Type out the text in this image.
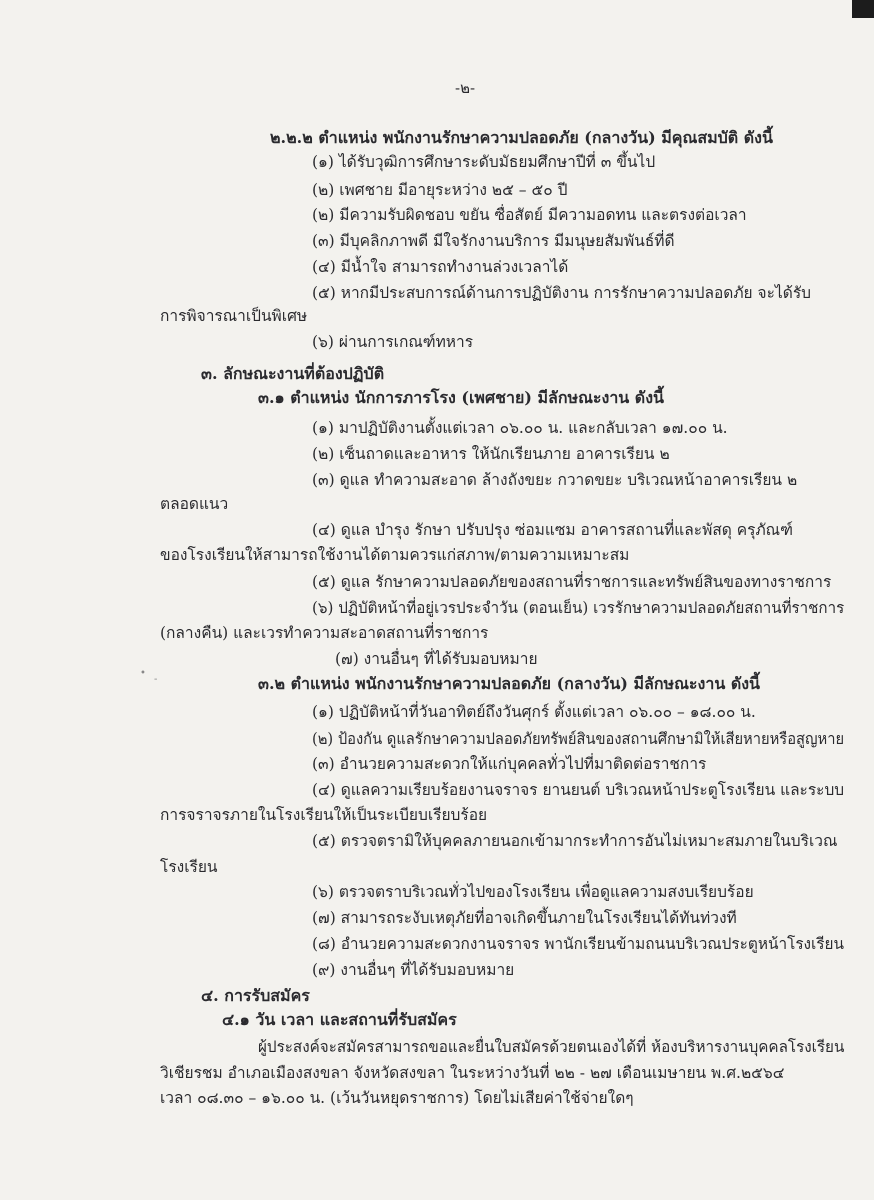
-๒-
๒.๒.๒ ตำแหน่ง พนักงานรักษาความปลอดภัย (กลางวัน) มีคุณสมบัติ ดังนี้
(๑) ได้รับวุฒิการศึกษาระดับมัธยมศึกษาปีที่ ๓ ขึ้นไป
(๒) เพศชาย มีอายุระหว่าง ๒๕ – ๕๐ ปี
(๒) มีความรับผิดชอบ ขยัน ซื่อสัตย์ มีความอดทน และตรงต่อเวลา
(๓) มีบุคลิกภาพดี มีใจรักงานบริการ มีมนุษยสัมพันธ์ที่ดี
(๔) มีน้ำใจ สามารถทำงานล่วงเวลาได้
(๕) หากมีประสบการณ์ด้านการปฏิบัติงาน การรักษาความปลอดภัย จะได้รับ
การพิจารณาเป็นพิเศษ
(๖) ผ่านการเกณฑ์ทหาร
๓. ลักษณะงานที่ต้องปฏิบัติ
๓.๑ ตำแหน่ง นักการภารโรง (เพศชาย) มีลักษณะงาน ดังนี้
(๑) มาปฏิบัติงานตั้งแต่เวลา ๐๖.๐๐ น. และกลับเวลา ๑๗.๐๐ น.
(๒) เซ็นถาดและอาหาร ให้นักเรียนภาย อาคารเรียน ๒
(๓) ดูแล ทำความสะอาด ล้างถังขยะ กวาดขยะ บริเวณหน้าอาคารเรียน ๒
ตลอดแนว
(๔) ดูแล บำรุง รักษา ปรับปรุง ซ่อมแซม อาคารสถานที่และพัสดุ ครุภัณฑ์
ของโรงเรียนให้สามารถใช้งานได้ตามควรแก่สภาพ/ตามความเหมาะสม
(๕) ดูแล รักษาความปลอดภัยของสถานที่ราชการและทรัพย์สินของทางราชการ
(๖) ปฏิบัติหน้าที่อยู่เวรประจำวัน (ตอนเย็น) เวรรักษาความปลอดภัยสถานที่ราชการ
(กลางคืน) และเวรทำความสะอาดสถานที่ราชการ
(๗) งานอื่นๆ ที่ได้รับมอบหมาย
•
-	๓.๒ ตำแหน่ง พนักงานรักษาความปลอดภัย (กลางวัน) มีลักษณะงาน ดังนี้
(๑) ปฏิบัติหน้าที่วันอาทิตย์ถึงวันศุกร์ ตั้งแต่เวลา ๐๖.๐๐ – ๑๘.๐๐ น.
(๒) ป้องกัน ดูแลรักษาความปลอดภัยทรัพย์สินของสถานศึกษามิให้เสียหายหรือสูญหาย
(๓) อำนวยความสะดวกให้แก่บุคคลทั่วไปที่มาติดต่อราชการ
(๔) ดูแลความเรียบร้อยงานจราจร ยานยนต์ บริเวณหน้าประตูโรงเรียน และระบบ
การจราจรภายในโรงเรียนให้เป็นระเบียบเรียบร้อย
(๕) ตรวจตรามิให้บุคคลภายนอกเข้ามากระทำการอันไม่เหมาะสมภายในบริเวณ
โรงเรียน
(๖) ตรวจตราบริเวณทั่วไปของโรงเรียน เพื่อดูแลความสงบเรียบร้อย
(๗) สามารถระงับเหตุภัยที่อาจเกิดขึ้นภายในโรงเรียนได้ทันท่วงที
(๘) อำนวยความสะดวกงานจราจร พานักเรียนข้ามถนนบริเวณประตูหน้าโรงเรียน
(๙) งานอื่นๆ ที่ได้รับมอบหมาย
๔. การรับสมัคร
๔.๑ วัน เวลา และสถานที่รับสมัคร
ผู้ประสงค์จะสมัครสามารถขอและยื่นใบสมัครด้วยตนเองได้ที่ ห้องบริหารงานบุคคลโรงเรียน
วิเชียรชม อำเภอเมืองสงขลา จังหวัดสงขลา ในระหว่างวันที่ ๒๒ - ๒๗ เดือนเมษายน พ.ศ.๒๕๖๔
เวลา ๐๘.๓๐ – ๑๖.๐๐ น. (เว้นวันหยุดราชการ) โดยไม่เสียค่าใช้จ่ายใดๆ
